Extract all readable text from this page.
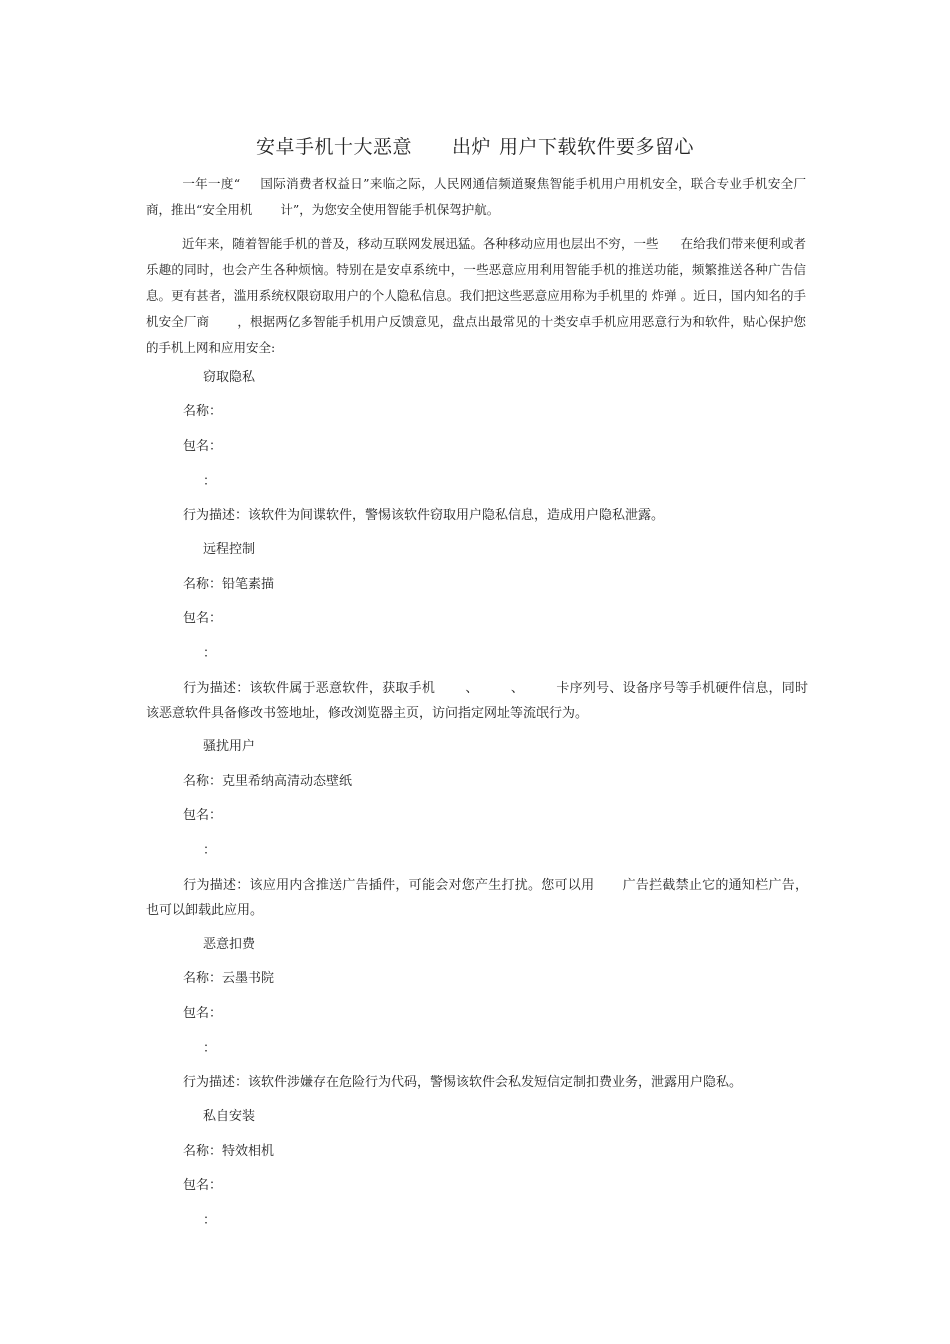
安卓手机十大恶意 出炉 用户下载软件要多留心
一年一度“ 国际消费者权益日”来临之际，人民网通信频道聚焦智能手机用户用机安全，联合专业手机安全厂商，推出“安全用机 计”，为您安全使用智能手机保驾护航。
近年来，随着智能手机的普及，移动互联网发展迅猛。各种移动应用也层出不穷，一些 在给我们带来便利或者乐趣的同时，也会产生各种烦恼。特别在是安卓系统中，一些恶意应用利用智能手机的推送功能，频繁推送各种广告信息。更有甚者，滥用系统权限窃取用户的个人隐私信息。我们把这些恶意应用称为手机里的 炸弹 。近日，国内知名的手机安全厂商 ，根据两亿多智能手机用户反馈意见，盘点出最常见的十类安卓手机应用恶意行为和软件，贴心保护您的手机上网和应用安全:
窃取隐私
名称：
包名：
：
行为描述：该软件为间谍软件，警惕该软件窃取用户隐私信息，造成用户隐私泄露。
远程控制
名称：铅笔素描
包名：
：
行为描述：该软件属于恶意软件，获取手机 、 、 卡序列号、设备序号等手机硬件信息，同时该恶意软件具备修改书签地址，修改浏览器主页，访问指定网址等流氓行为。
骚扰用户
名称：克里希纳高清动态壁纸
包名：
：
行为描述：该应用内含推送广告插件，可能会对您产生打扰。您可以用 广告拦截禁止它的通知栏广告，也可以卸载此应用。
恶意扣费
名称：云墨书院
包名：
：
行为描述：该软件涉嫌存在危险行为代码，警惕该软件会私发短信定制扣费业务，泄露用户隐私。
私自安装
名称：特效相机
包名：
：
